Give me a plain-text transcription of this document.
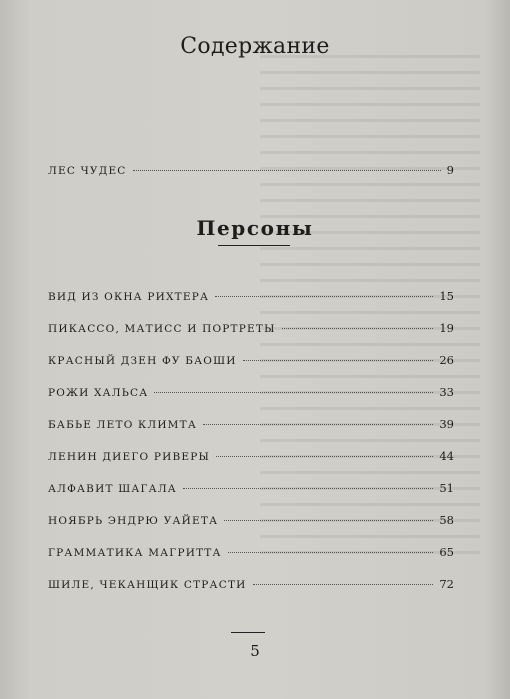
Содержание
ЛЕС ЧУДЕС	9
Персоны
ВИД ИЗ ОКНА РИХТЕРА	15
ПИКАССО, МАТИСС И ПОРТРЕТЫ	19
КРАСНЫЙ ДЗЕН ФУ БАОШИ	26
РОЖИ ХАЛЬСА	33
БАБЬЕ ЛЕТО КЛИМТА	39
ЛЕНИН ДИЕГО РИВЕРЫ	44
АЛФАВИТ ШАГАЛА	51
НОЯБРЬ ЭНДРЮ УАЙЕТА	58
ГРАММАТИКА МАГРИТТА	65
ШИЛЕ, ЧЕКАНЩИК СТРАСТИ	72
5
